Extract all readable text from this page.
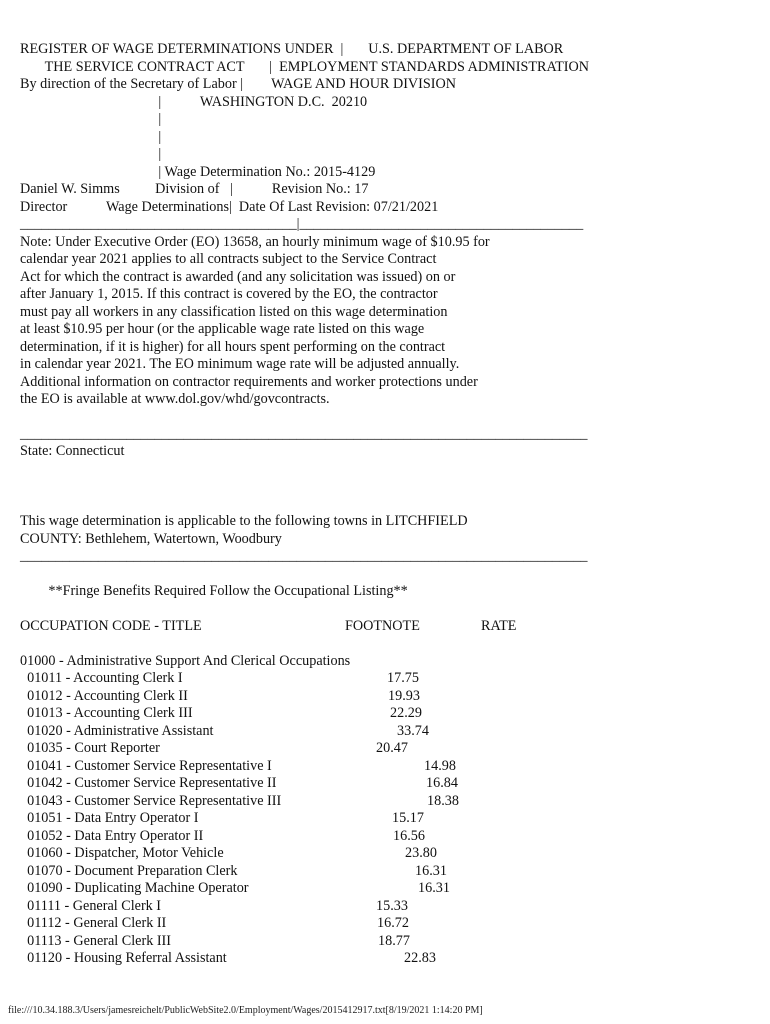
REGISTER OF WAGE DETERMINATIONS UNDER  |       U.S. DEPARTMENT OF LABOR
THE SERVICE CONTRACT ACT       |  EMPLOYMENT STANDARDS ADMINISTRATION
By direction of the Secretary of Labor |        WAGE AND HOUR DIVISION
|           WASHINGTON D.C.  20210
|
|
|
| Wage Determination No.: 2015-4129
Daniel W. Simms          Division of   |           Revision No.: 17
Director           Wage Determinations|  Date Of Last Revision: 07/21/2021
_______________________________________|________________________________________
Note: Under Executive Order (EO) 13658, an hourly minimum wage of $10.95 for
calendar year 2021 applies to all contracts subject to the Service Contract
Act for which the contract is awarded (and any solicitation was issued) on or
after January 1, 2015. If this contract is covered by the EO, the contractor
must pay all workers in any classification listed on this wage determination
at least $10.95 per hour (or the applicable wage rate listed on this wage
determination, if it is higher) for all hours spent performing on the contract
in calendar year 2021. The EO minimum wage rate will be adjusted annually.
Additional information on contractor requirements and worker protections under
the EO is available at www.dol.gov/whd/govcontracts.
________________________________________________________________________________
State: Connecticut
This wage determination is applicable to the following towns in LITCHFIELD
COUNTY: Bethlehem, Watertown, Woodbury
________________________________________________________________________________
**Fringe Benefits Required Follow the Occupational Listing**
OCCUPATION CODE - TITLE	FOOTNOTE	RATE
01000 - Administrative Support And Clerical Occupations
01011 - Accounting Clerk I	17.75
01012 - Accounting Clerk II	19.93
01013 - Accounting Clerk III	22.29
01020 - Administrative Assistant	33.74
01035 - Court Reporter	20.47
01041 - Customer Service Representative I	14.98
01042 - Customer Service Representative II	16.84
01043 - Customer Service Representative III	18.38
01051 - Data Entry Operator I	15.17
01052 - Data Entry Operator II	16.56
01060 - Dispatcher, Motor Vehicle	23.80
01070 - Document Preparation Clerk	16.31
01090 - Duplicating Machine Operator	16.31
01111 - General Clerk I	15.33
01112 - General Clerk II	16.72
01113 - General Clerk III	18.77
01120 - Housing Referral Assistant	22.83
file:///10.34.188.3/Users/jamesreichelt/PublicWebSite2.0/Employment/Wages/2015412917.txt[8/19/2021 1:14:20 PM]
